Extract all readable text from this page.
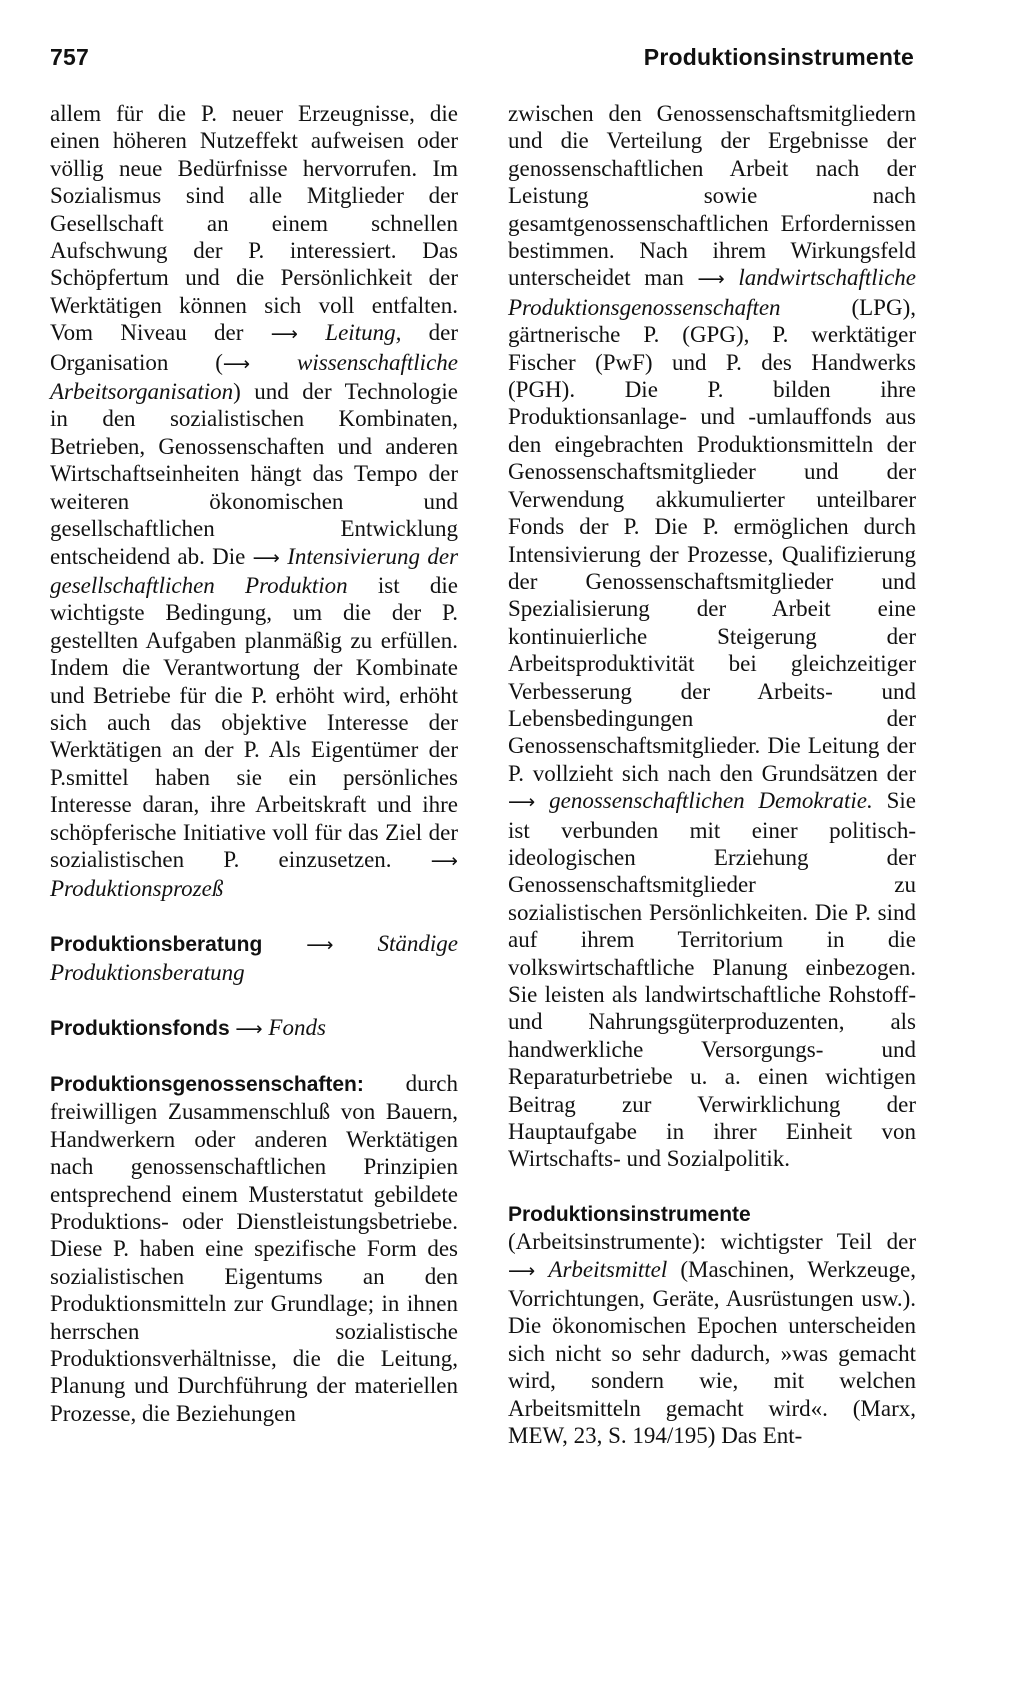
757	Produktionsinstrumente

allem für die P. neuer Erzeugnisse, die einen höheren Nutzeffekt aufweisen oder völlig neue Bedürfnisse hervorrufen. Im Sozialismus sind alle Mitglieder der Gesellschaft an einem schnellen Aufschwung der P. interessiert. Das Schöpfertum und die Persönlichkeit der Werktätigen können sich voll entfalten. Vom Niveau der ⟶ Leitung, der Organisation (⟶ wissenschaftliche Arbeitsorganisation) und der Technologie in den sozialistischen Kombinaten, Betrieben, Genossenschaften und anderen Wirtschaftseinheiten hängt das Tempo der weiteren ökonomischen und gesellschaftlichen Entwicklung entscheidend ab. Die ⟶ Intensivierung der gesellschaftlichen Produktion ist die wichtigste Bedingung, um die der P. gestellten Aufgaben planmäßig zu erfüllen. Indem die Verantwortung der Kombinate und Betriebe für die P. erhöht wird, erhöht sich auch das objektive Interesse der Werktätigen an der P. Als Eigentümer der P.smittel haben sie ein persönliches Interesse daran, ihre Arbeitskraft und ihre schöpferische Initiative voll für das Ziel der sozialistischen P. einzusetzen. ⟶ Produktionsprozeß

Produktionsberatung ⟶ Ständige Produktionsberatung

Produktionsfonds ⟶ Fonds

Produktionsgenossenschaften: durch freiwilligen Zusammenschluß von Bauern, Handwerkern oder anderen Werktätigen nach genossenschaftlichen Prinzipien entsprechend einem Musterstatut gebildete Produktions- oder Dienstleistungsbetriebe. Diese P. haben eine spezifische Form des sozialistischen Eigentums an den Produktionsmitteln zur Grundlage; in ihnen herrschen sozialistische Produktionsverhältnisse, die die Leitung, Planung und Durchführung der materiellen Prozesse, die Beziehungen

zwischen den Genossenschaftsmitgliedern und die Verteilung der Ergebnisse der genossenschaftlichen Arbeit nach der Leistung sowie nach gesamtgenossenschaftlichen Erfordernissen bestimmen. Nach ihrem Wirkungsfeld unterscheidet man ⟶ landwirtschaftliche Produktionsgenossenschaften (LPG), gärtnerische P. (GPG), P. werktätiger Fischer (PwF) und P. des Handwerks (PGH). Die P. bilden ihre Produktionsanlage- und -umlauffonds aus den eingebrachten Produktionsmitteln der Genossenschaftsmitglieder und der Verwendung akkumulierter unteilbarer Fonds der P. Die P. ermöglichen durch Intensivierung der Prozesse, Qualifizierung der Genossenschaftsmitglieder und Spezialisierung der Arbeit eine kontinuierliche Steigerung der Arbeitsproduktivität bei gleichzeitiger Verbesserung der Arbeits- und Lebensbedingungen der Genossenschaftsmitglieder. Die Leitung der P. vollzieht sich nach den Grundsätzen der ⟶ genossenschaftlichen Demokratie. Sie ist verbunden mit einer politisch-ideologischen Erziehung der Genossenschaftsmitglieder zu sozialistischen Persönlichkeiten. Die P. sind auf ihrem Territorium in die volkswirtschaftliche Planung einbezogen. Sie leisten als landwirtschaftliche Rohstoff- und Nahrungsgüterproduzenten, als handwerkliche Versorgungs- und Reparaturbetriebe u. a. einen wichtigen Beitrag zur Verwirklichung der Hauptaufgabe in ihrer Einheit von Wirtschafts- und Sozialpolitik.

Produktionsinstrumente (Arbeitsinstrumente): wichtigster Teil der ⟶ Arbeitsmittel (Maschinen, Werkzeuge, Vorrichtungen, Geräte, Ausrüstungen usw.). Die ökonomischen Epochen unterscheiden sich nicht so sehr dadurch, »was gemacht wird, sondern wie, mit welchen Arbeitsmitteln gemacht wird«. (Marx, MEW, 23, S. 194/195) Das Ent-
